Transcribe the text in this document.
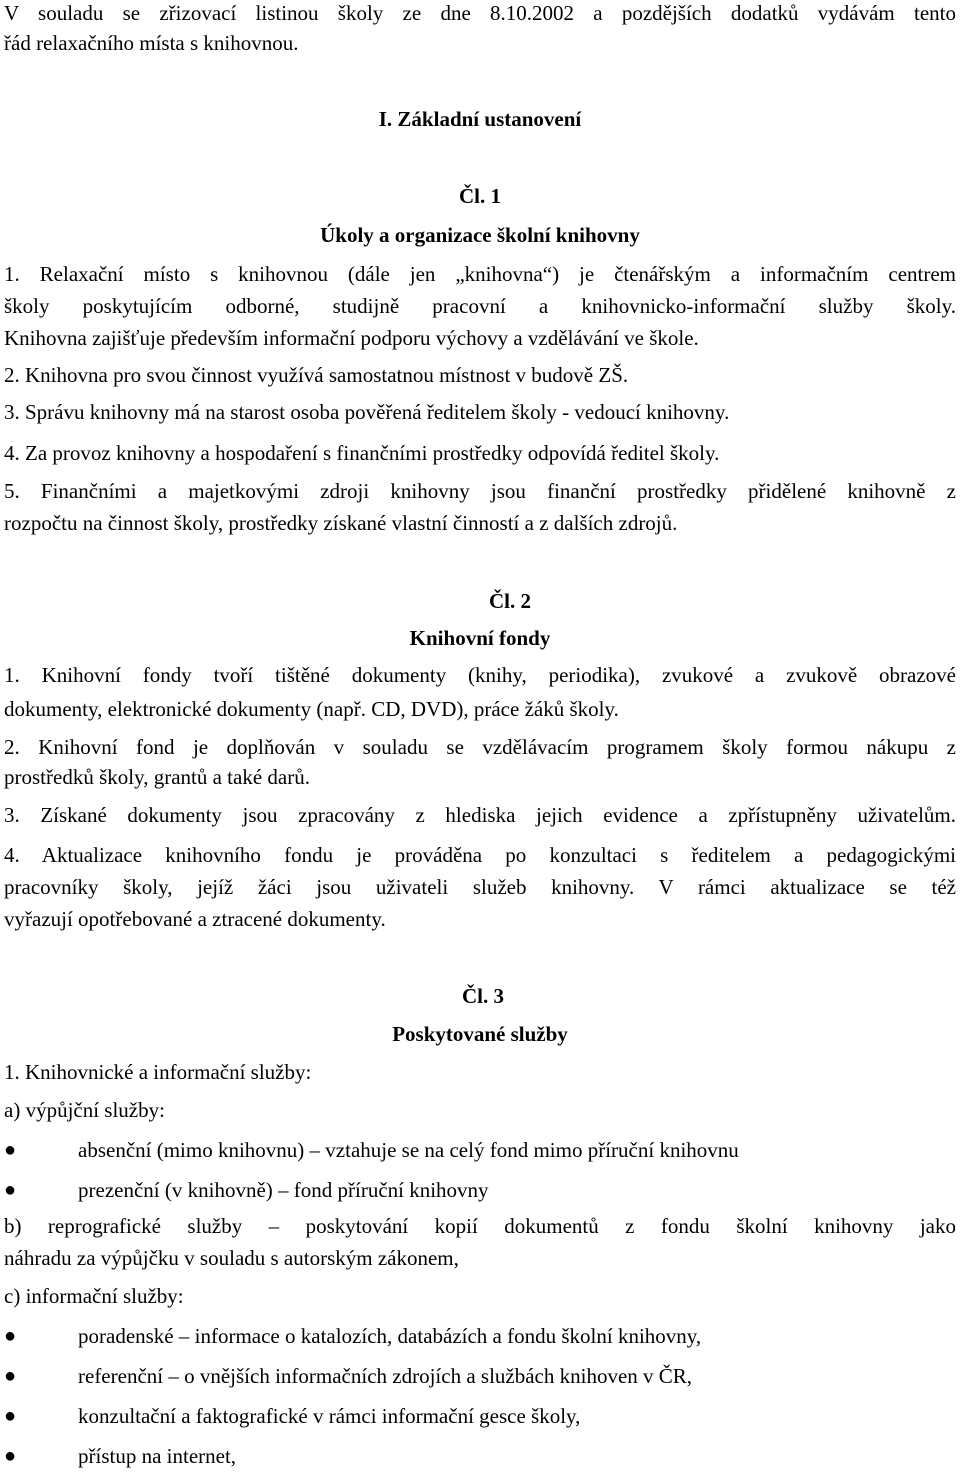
V souladu se zřizovací listinou školy ze dne 8.10.2002 a pozdějších dodatků vydávám tento
řád relaxačního místa s knihovnou.
I. Základní ustanovení
Čl. 1
Úkoly a organizace školní knihovny
1. Relaxační místo s knihovnou (dále jen „knihovna“) je čtenářským a informačním centrem
školy poskytujícím odborné, studijně pracovní a knihovnicko-informační služby školy.
Knihovna zajišťuje především informační podporu výchovy a vzdělávání ve škole.
2. Knihovna pro svou činnost využívá samostatnou místnost v budově ZŠ.
3. Správu knihovny má na starost osoba pověřená ředitelem školy - vedoucí knihovny.
4. Za provoz knihovny a hospodaření s finančními prostředky odpovídá ředitel školy.
5. Finančními a majetkovými zdroji knihovny jsou finanční prostředky přidělené knihovně z
rozpočtu na činnost školy, prostředky získané vlastní činností a z dalších zdrojů.
Čl. 2
Knihovní fondy
1. Knihovní fondy tvoří tištěné dokumenty (knihy, periodika), zvukové a zvukově obrazové
dokumenty, elektronické dokumenty (např. CD, DVD), práce žáků školy.
2. Knihovní fond je doplňován v souladu se vzdělávacím programem školy formou nákupu z
prostředků školy, grantů a také darů.
3. Získané dokumenty jsou zpracovány z hlediska jejich evidence a zpřístupněny uživatelům.
4. Aktualizace knihovního fondu je prováděna po konzultaci s ředitelem a pedagogickými
pracovníky školy, jejíž žáci jsou uživateli služeb knihovny. V rámci aktualizace se též
vyřazují opotřebované a ztracené dokumenty.
Čl. 3
Poskytované služby
1. Knihovnické a informační služby:
a) výpůjční služby:
●	absenční (mimo knihovnu) – vztahuje se na celý fond mimo příruční knihovnu
●	prezenční (v knihovně) – fond příruční knihovny
b) reprografické služby – poskytování kopií dokumentů z fondu školní knihovny jako
náhradu za výpůjčku v souladu s autorským zákonem,
c) informační služby:
●	poradenské – informace o katalozích, databázích a fondu školní knihovny,
●	referenční – o vnějších informačních zdrojích a službách knihoven v ČR,
●	konzultační a faktografické v rámci informační gesce školy,
●	přístup na internet,
